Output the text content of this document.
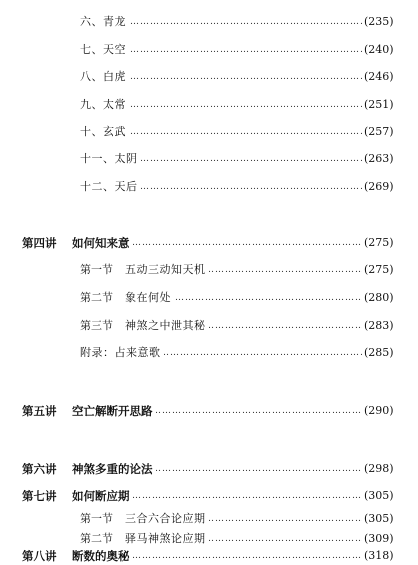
……………………………………………………………………………………………………………………………………………………
六、青龙	(235)
……………………………………………………………………………………………………………………………………………………
七、天空	(240)
……………………………………………………………………………………………………………………………………………………
八、白虎	(246)
……………………………………………………………………………………………………………………………………………………
九、太常	(251)
……………………………………………………………………………………………………………………………………………………
十、玄武	(257)
……………………………………………………………………………………………………………………………………………………
十一、太阴	(263)
……………………………………………………………………………………………………………………………………………………
十二、天后	(269)
第四讲 …………………………………………………………………………………………………………………………………………………… 如何知来意	(275)
第一节 …………………………………………………………………………………………………………………………………………………… 五动三动知天机	(275)
第二节 …………………………………………………………………………………………………………………………………………………… 象在何处	(280)
第三节 …………………………………………………………………………………………………………………………………………………… 神煞之中泄其秘	(283)
……………………………………………………………………………………………………………………………………………………
附录：占来意歌	(285)
第五讲 …………………………………………………………………………………………………………………………………………………… 空亡解断开思路	(290)
第六讲 …………………………………………………………………………………………………………………………………………………… 神煞多重的论法	(298)
第七讲 …………………………………………………………………………………………………………………………………………………… 如何断应期	(305)
第一节 …………………………………………………………………………………………………………………………………………………… 三合六合论应期	(305)
第二节 …………………………………………………………………………………………………………………………………………………… 驿马神煞论应期	(309)
第八讲 …………………………………………………………………………………………………………………………………………………… 断数的奥秘	(318)
